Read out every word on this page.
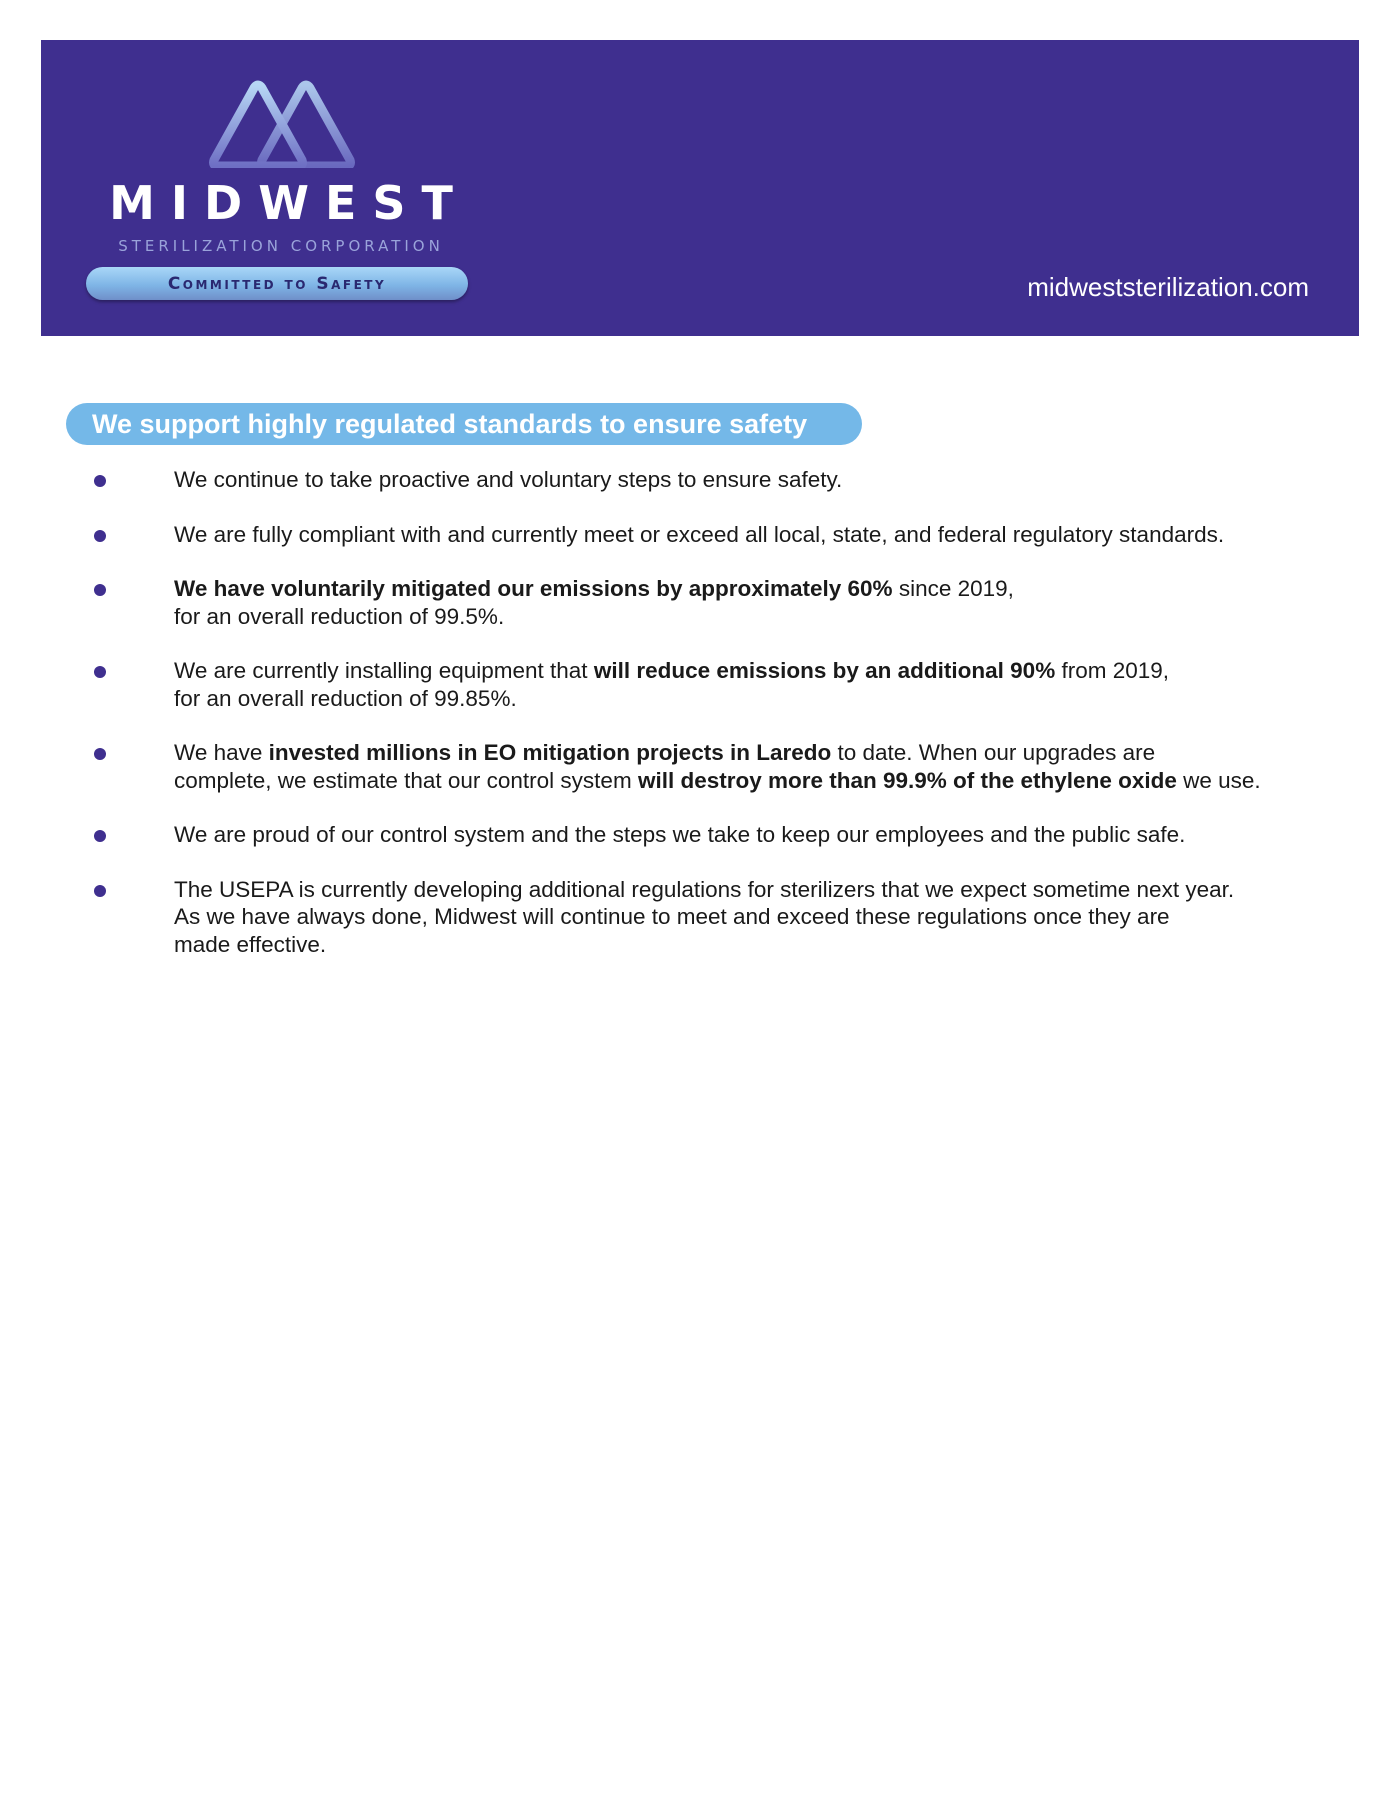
MIDWEST
STERILIZATION CORPORATION
Committed to Safety	midweststerilization.com
We support highly regulated standards to ensure safety
We continue to take proactive and voluntary steps to ensure safety.
We are fully compliant with and currently meet or exceed all local, state, and federal regulatory standards.
We have voluntarily mitigated our emissions by approximately 60% since 2019,
for an overall reduction of 99.5%.
We are currently installing equipment that will reduce emissions by an additional 90% from 2019,
for an overall reduction of 99.85%.
We have invested millions in EO mitigation projects in Laredo to date. When our upgrades are
complete, we estimate that our control system will destroy more than 99.9% of the ethylene oxide we use.
We are proud of our control system and the steps we take to keep our employees and the public safe.
The USEPA is currently developing additional regulations for sterilizers that we expect sometime next year.
As we have always done, Midwest will continue to meet and exceed these regulations once they are
made effective.
